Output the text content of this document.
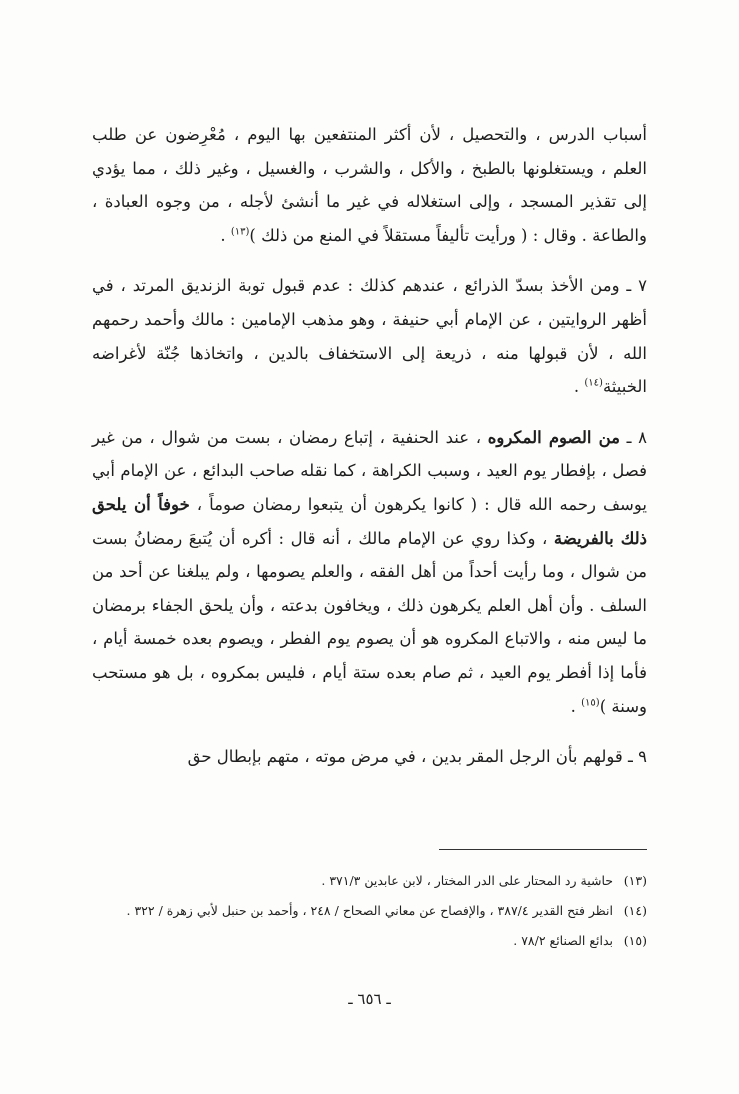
أسباب الدرس ، والتحصيل ، لأن أكثر المنتفعين بها اليوم ، مُعْرِضون عن طلب العلم ، ويستغلونها بالطبخ ، والأكل ، والشرب ، والغسيل ، وغير ذلك ، مما يؤدي إلى تقذير المسجد ، وإلى استغلاله في غير ما أنشئ لأجله ، من وجوه العبادة ، والطاعة . وقال : ( ورأيت تأليفاً مستقلاً في المنع من ذلك )$^{(١٣)}$ .

٧ ـ ومن الأخذ بسدّ الذرائع ، عندهم كذلك : عدم قبول توبة الزنديق المرتد ، في أظهر الروايتين ، عن الإمام أبي حنيفة ، وهو مذهب الإمامين : مالك وأحمد رحمهم الله ، لأن قبولها منه ، ذريعة إلى الاستخفاف بالدين ، واتخاذها جُنّة لأغراضه الخبيثة$^{(١٤)}$ .

٨ ـ من الصوم المكروه ، عند الحنفية ، إتباع رمضان ، بست من شوال ، من غير فصل ، بإفطار يوم العيد ، وسبب الكراهة ، كما نقله صاحب البدائع ، عن الإمام أبي يوسف رحمه الله قال : ( كانوا يكرهون أن يتبعوا رمضان صوماً ، خوفاً أن يلحق ذلك بالفريضة ، وكذا روي عن الإمام مالك ، أنه قال : أكره أن يُتبعَ رمضانُ بست من شوال ، وما رأيت أحداً من أهل الفقه ، والعلم يصومها ، ولم يبلغنا عن أحد من السلف . وأن أهل العلم يكرهون ذلك ، ويخافون بدعته ، وأن يلحق الجفاء برمضان ما ليس منه ، والاتباع المكروه هو أن يصوم يوم الفطر ، ويصوم بعده خمسة أيام ، فأما إذا أفطر يوم العيد ، ثم صام بعده ستة أيام ، فليس بمكروه ، بل هو مستحب وسنة )$^{(١٥)}$ .

٩ ـ قولهم بأن الرجل المقر بدين ، في مرض موته ، متهم بإبطال حق

(١٣)
حاشية رد المحتار على الدر المختار ، لابن عابدين ٣٧١/٣ .
(١٤)
انظر فتح القدير ٣٨٧/٤ ، والإفصاح عن معاني الصحاح / ٢٤٨ ، وأحمد بن حنبل لأبي زهرة / ٣٢٢ .
(١٥)
بدائع الصنائع ٧٨/٢ .
ـ ٦٥٦ ـ
